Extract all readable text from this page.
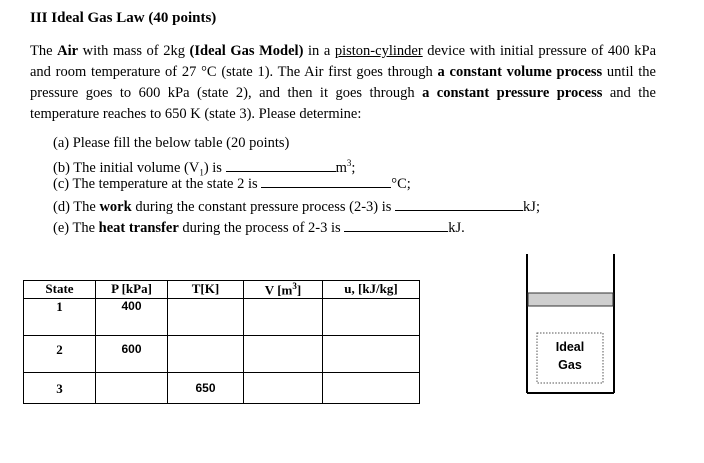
III Ideal Gas Law (40 points)
The Air with mass of 2kg (Ideal Gas Model) in a piston-cylinder device with initial pressure of 400 kPa and room temperature of 27 °C (state 1). The Air first goes through a constant volume process until the pressure goes to 600 kPa (state 2), and then it goes through a constant pressure process and the temperature reaches to 650 K (state 3). Please determine:
(a) Please fill the below table (20 points)
(b) The initial volume $(V_1)$ is	$m^3$;
(c) The temperature at the state 2 is	°C;
(d) The work during the constant pressure process (2-3) is	kJ;
(e) The heat transfer during the process of 2-3 is	kJ.
State	P [kPa]	T[K]	V $[m^3]$	u, [kJ/kg]
1	400			
2	600			
3		650		
Ideal
Gas
